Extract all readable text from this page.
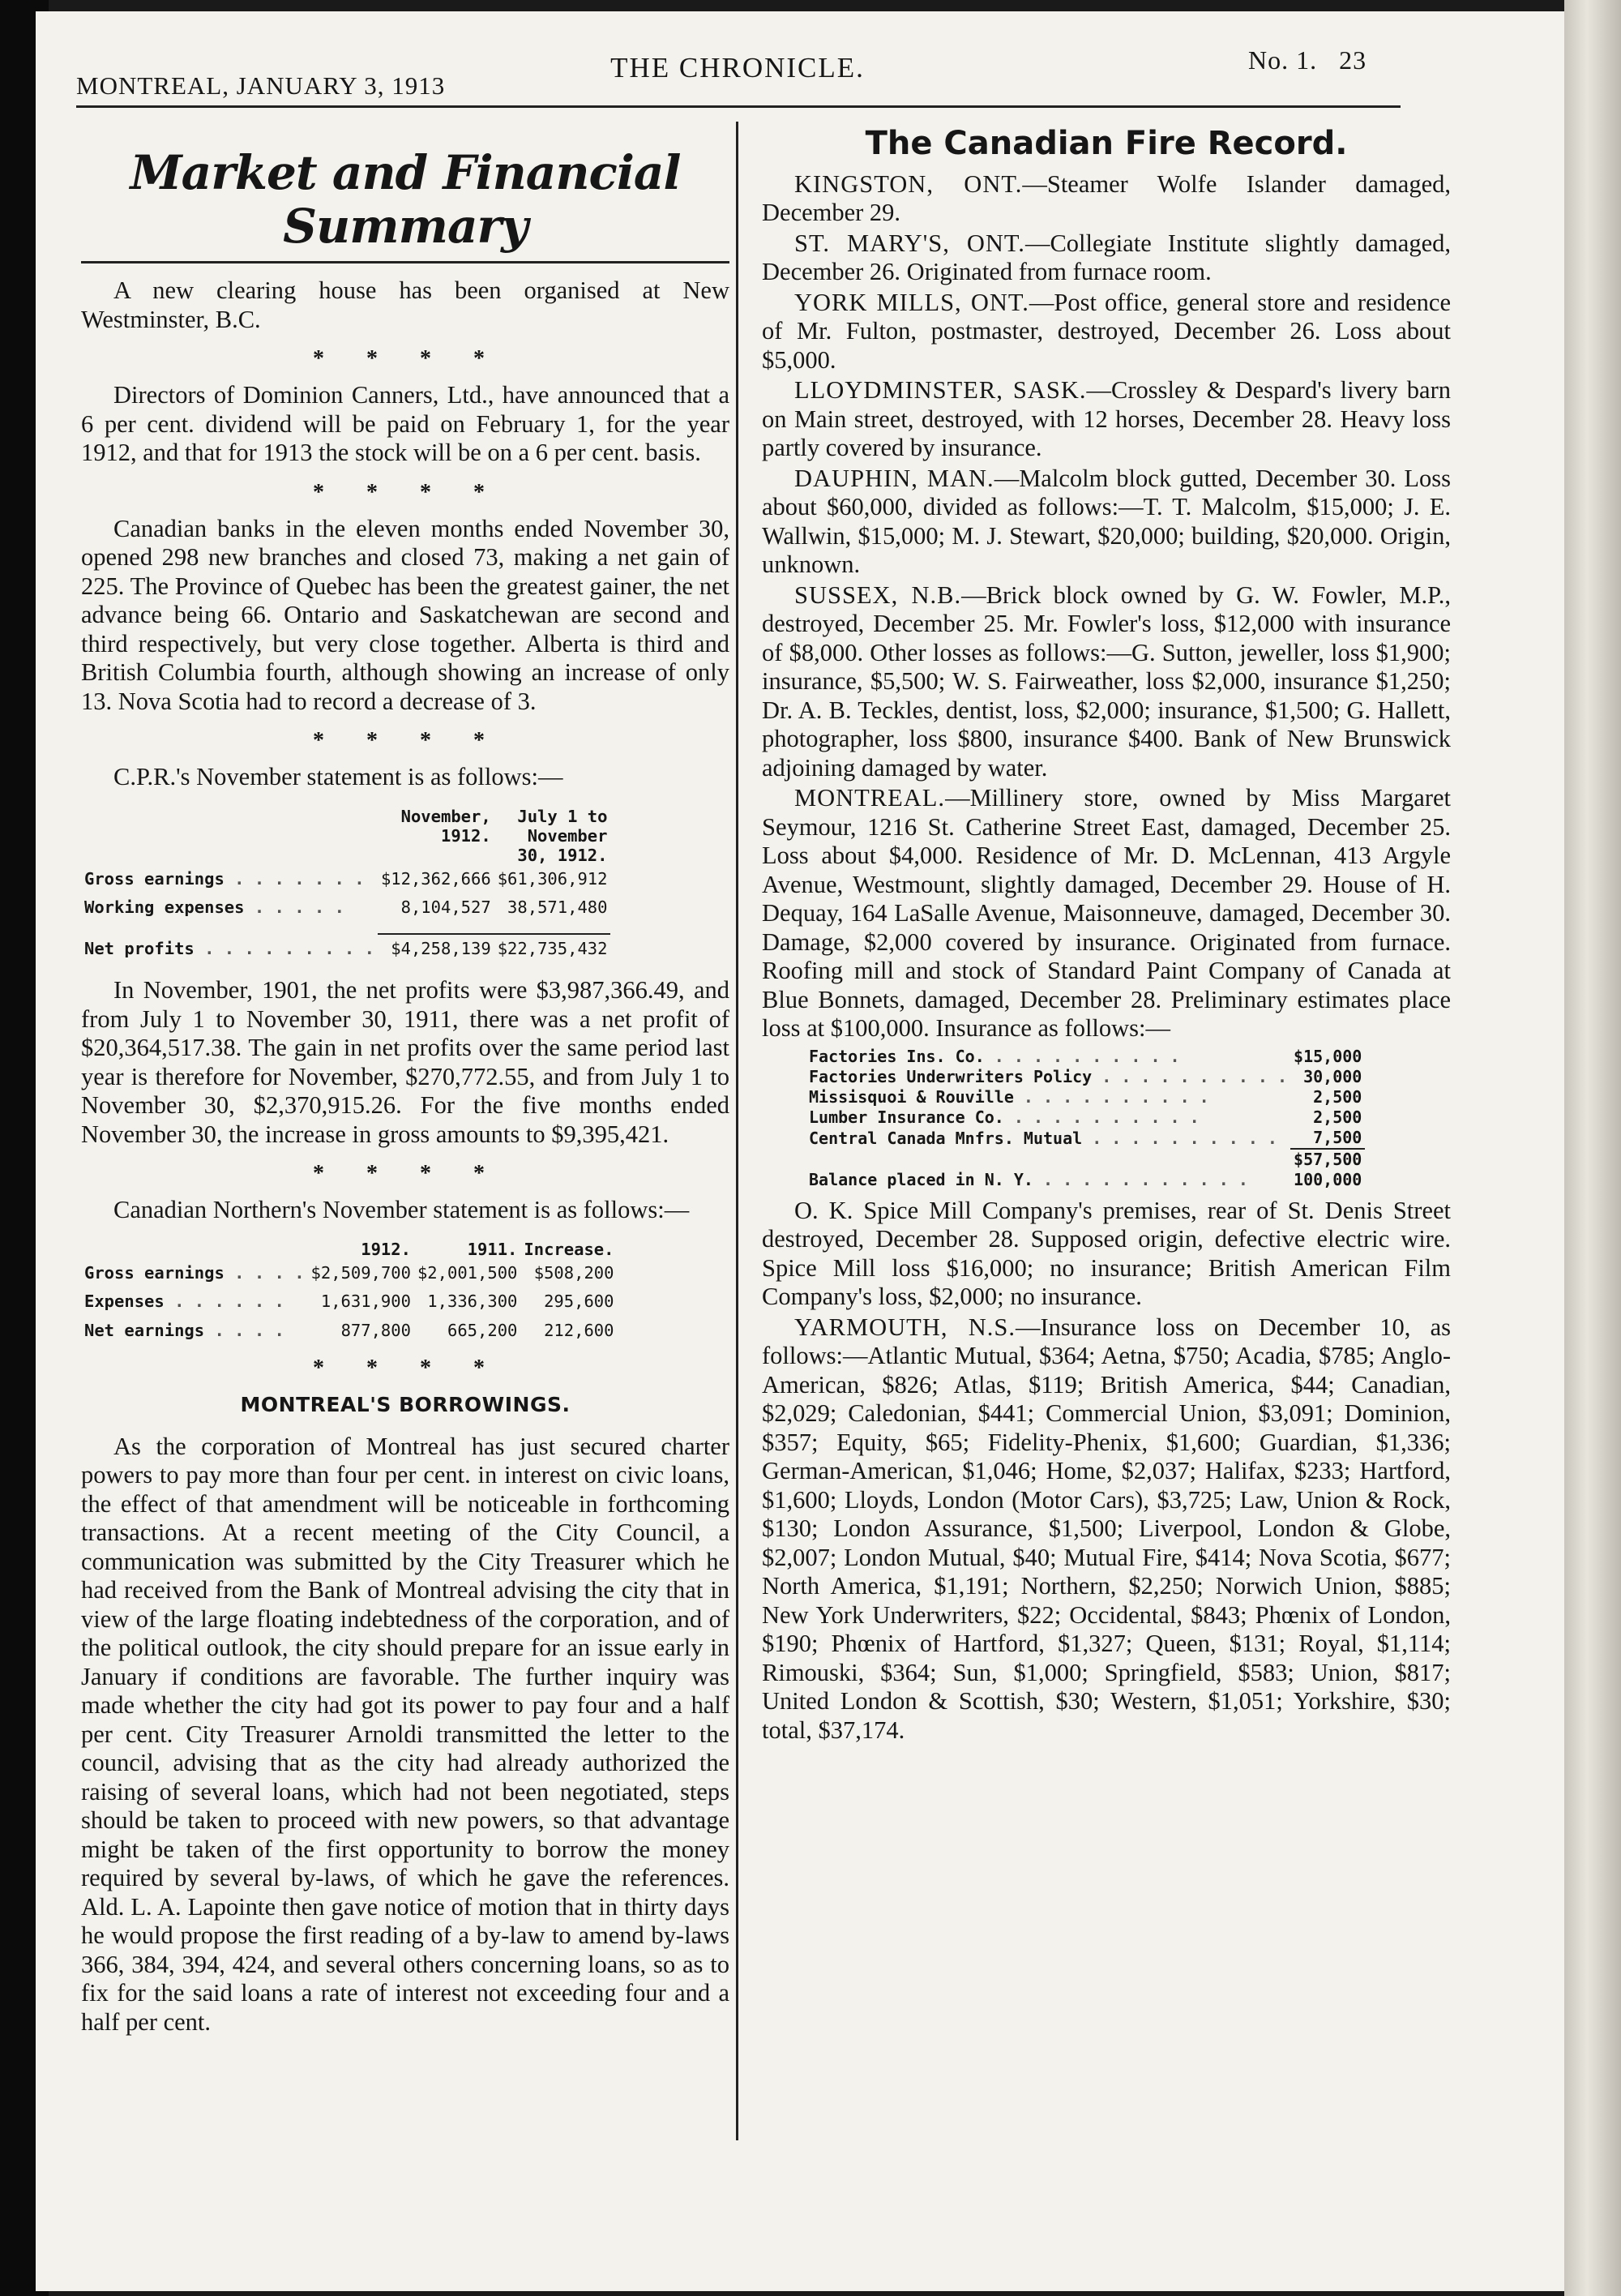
MONTREAL, JANUARY 3, 1913
THE CHRONICLE.	No. 1. 23
Market and Financial Summary

A new clearing house has been organised at New Westminster, B.C.

****

Directors of Dominion Canners, Ltd., have announced that a 6 per cent. dividend will be paid on February 1, for the year 1912, and that for 1913 the stock will be on a 6 per cent. basis.

****

Canadian banks in the eleven months ended November 30, opened 298 new branches and closed 73, making a net gain of 225. The Province of Quebec has been the greatest gainer, the net advance being 66. Ontario and Saskatchewan are second and third respectively, but very close together. Alberta is third and British Columbia fourth, although showing an increase of only 13. Nova Scotia had to record a decrease of 3.

****

C.P.R.'s November statement is as follows:—

	November,	July 1 to
	1912.	November
		30, 1912.
Gross earnings . . . . . . .	$12,362,666	$61,306,912
Working expenses . . . . .	8,104,527	38,571,480

Net profits . . . . . . . . .	$4,258,139	$22,735,432

In November, 1901, the net profits were $3,987,366.49, and from July 1 to November 30, 1911, there was a net profit of $20,364,517.38. The gain in net profits over the same period last year is therefore for November, $270,772.55, and from July 1 to November 30, $2,370,915.26. For the five months ended November 30, the increase in gross amounts to $9,395,421.

****

Canadian Northern's November statement is as follows:—

	1912.	1911.	Increase.
Gross earnings . . . .	$2,509,700	$2,001,500	$508,200
Expenses . . . . . .	1,631,900	1,336,300	295,600
Net earnings . . . .	877,800	665,200	212,600
****
MONTREAL'S BORROWINGS.

As the corporation of Montreal has just secured charter powers to pay more than four per cent. in interest on civic loans, the effect of that amendment will be noticeable in forthcoming transactions. At a recent meeting of the City Council, a communication was submitted by the City Treasurer which he had received from the Bank of Montreal advising the city that in view of the large floating indebtedness of the corporation, and of the political outlook, the city should prepare for an issue early in January if conditions are favorable. The further inquiry was made whether the city had got its power to pay four and a half per cent. City Treasurer Arnoldi transmitted the letter to the council, advising that as the city had already authorized the raising of several loans, which had not been negotiated, steps should be taken to proceed with new powers, so that advantage might be taken of the first opportunity to borrow the money required by several by-laws, of which he gave the references. Ald. L. A. Lapointe then gave notice of motion that in thirty days he would propose the first reading of a by-law to amend by-laws 366, 384, 394, 424, and several others concerning loans, so as to fix for the said loans a rate of interest not exceeding four and a half per cent.

The Canadian Fire Record.

KINGSTON, ONT.—Steamer Wolfe Islander damaged, December 29.

ST. MARY'S, ONT.—Collegiate Institute slightly damaged, December 26. Originated from furnace room.

YORK MILLS, ONT.—Post office, general store and residence of Mr. Fulton, postmaster, destroyed, December 26. Loss about $5,000.

LLOYDMINSTER, SASK.—Crossley & Despard's livery barn on Main street, destroyed, with 12 horses, December 28. Heavy loss partly covered by insurance.

DAUPHIN, MAN.—Malcolm block gutted, December 30. Loss about $60,000, divided as follows:—T. T. Malcolm, $15,000; J. E. Wallwin, $15,000; M. J. Stewart, $20,000; building, $20,000. Origin, unknown.

SUSSEX, N.B.—Brick block owned by G. W. Fowler, M.P., destroyed, December 25. Mr. Fowler's loss, $12,000 with insurance of $8,000. Other losses as follows:—G. Sutton, jeweller, loss $1,900; insurance, $5,500; W. S. Fairweather, loss $2,000, insurance $1,250; Dr. A. B. Teckles, dentist, loss, $2,000; insurance, $1,500; G. Hallett, photographer, loss $800, insurance $400. Bank of New Brunswick adjoining damaged by water.

MONTREAL.—Millinery store, owned by Miss Margaret Seymour, 1216 St. Catherine Street East, damaged, December 25. Loss about $4,000. Residence of Mr. D. McLennan, 413 Argyle Avenue, Westmount, slightly damaged, December 29. House of H. Dequay, 164 LaSalle Avenue, Maisonneuve, damaged, December 30. Damage, $2,000 covered by insurance. Originated from furnace. Roofing mill and stock of Standard Paint Company of Canada at Blue Bonnets, damaged, December 28. Preliminary estimates place loss at $100,000. Insurance as follows:—

Factories Ins. Co. . . . . . . . . . .	$15,000
Factories Underwriters Policy . . . . . . . . . .	30,000
Missisquoi & Rouville . . . . . . . . . .	2,500
Lumber Insurance Co. . . . . . . . . . .	2,500
Central Canada Mnfrs. Mutual . . . . . . . . . .	7,500
	$57,500
Balance placed in N. Y. . . . . . . . . . . .	100,000

O. K. Spice Mill Company's premises, rear of St. Denis Street destroyed, December 28. Supposed origin, defective electric wire. Spice Mill loss $16,000; no insurance; British American Film Company's loss, $2,000; no insurance.

YARMOUTH, N.S.—Insurance loss on December 10, as follows:—Atlantic Mutual, $364; Aetna, $750; Acadia, $785; Anglo-American, $826; Atlas, $119; British America, $44; Canadian, $2,029; Caledonian, $441; Commercial Union, $3,091; Dominion, $357; Equity, $65; Fidelity-Phenix, $1,600; Guardian, $1,336; German-American, $1,046; Home, $2,037; Halifax, $233; Hartford, $1,600; Lloyds, London (Motor Cars), $3,725; Law, Union & Rock, $130; London Assurance, $1,500; Liverpool, London & Globe, $2,007; London Mutual, $40; Mutual Fire, $414; Nova Scotia, $677; North America, $1,191; Northern, $2,250; Norwich Union, $885; New York Underwriters, $22; Occidental, $843; Phœnix of London, $190; Phœnix of Hartford, $1,327; Queen, $131; Royal, $1,114; Rimouski, $364; Sun, $1,000; Springfield, $583; Union, $817; United London & Scottish, $30; Western, $1,051; Yorkshire, $30; total, $37,174.
